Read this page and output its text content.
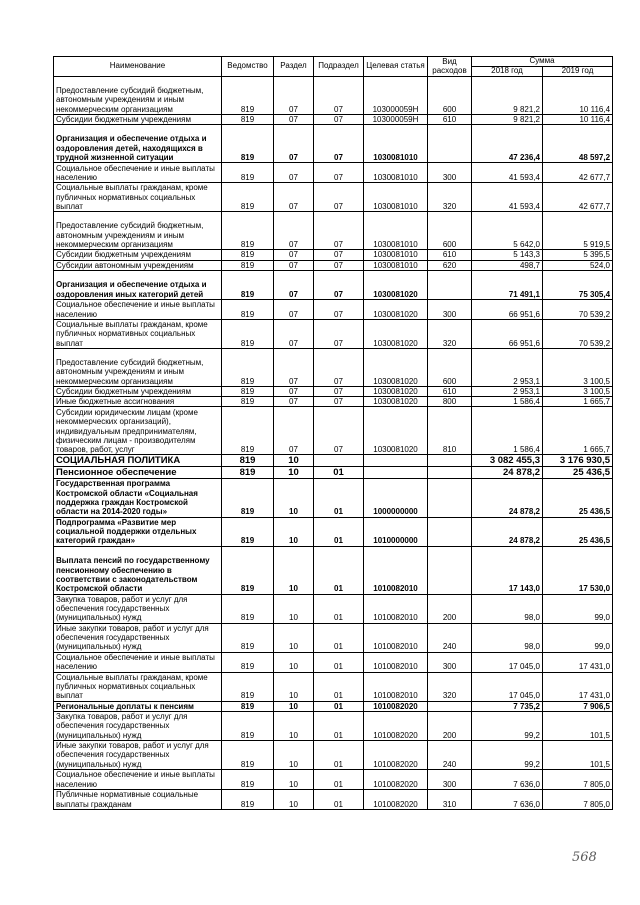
Наименование	Ведомство	Раздел	Подраздел	Целевая статья	Вид расходов	Сумма	
						2018 год	2019 год
Предоставление субсидий бюджетным, автономным учреждениям и иным некоммерческим организациям	819	07	07	103000059Н	600	9 821,2	10 116,4
Субсидии бюджетным учреждениям	819	07	07	103000059Н	610	9 821,2	10 116,4
Организация и обеспечение отдыха и оздоровления детей, находящихся в трудной жизненной ситуации	819	07	07	1030081010		47 236,4	48 597,2
Социальное обеспечение и иные выплаты населению	819	07	07	1030081010	300	41 593,4	42 677,7
Социальные выплаты гражданам, кроме публичных нормативных социальных выплат	819	07	07	1030081010	320	41 593,4	42 677,7
Предоставление субсидий бюджетным, автономным учреждениям и иным некоммерческим организациям	819	07	07	1030081010	600	5 642,0	5 919,5
Субсидии бюджетным учреждениям	819	07	07	1030081010	610	5 143,3	5 395,5
Субсидии автономным учреждениям	819	07	07	1030081010	620	498,7	524,0
Организация и обеспечение отдыха и оздоровления иных категорий детей	819	07	07	1030081020		71 491,1	75 305,4
Социальное обеспечение и иные выплаты населению	819	07	07	1030081020	300	66 951,6	70 539,2
Социальные выплаты гражданам, кроме публичных нормативных социальных выплат	819	07	07	1030081020	320	66 951,6	70 539,2
Предоставление субсидий бюджетным, автономным учреждениям и иным некоммерческим организациям	819	07	07	1030081020	600	2 953,1	3 100,5
Субсидии бюджетным учреждениям	819	07	07	1030081020	610	2 953,1	3 100,5
Иные бюджетные ассигнования	819	07	07	1030081020	800	1 586,4	1 665,7
Субсидии юридическим лицам (кроме некоммерческих организаций), индивидуальным предпринимателям, физическим лицам - производителям товаров, работ, услуг	819	07	07	1030081020	810	1 586,4	1 665,7
СОЦИАЛЬНАЯ ПОЛИТИКА	819	10				3 082 455,3	3 176 930,5
Пенсионное обеспечение	819	10	01			24 878,2	25 436,5
Государственная программа Костромской области «Социальная поддержка граждан Костромской области на 2014-2020 годы»	819	10	01	1000000000		24 878,2	25 436,5
Подпрограмма «Развитие мер социальной поддержки отдельных категорий граждан»	819	10	01	1010000000		24 878,2	25 436,5
Выплата пенсий по государственному пенсионному обеспечению в соответствии с законодательством Костромской области	819	10	01	1010082010		17 143,0	17 530,0
Закупка товаров, работ и услуг для обеспечения государственных (муниципальных) нужд	819	10	01	1010082010	200	98,0	99,0
Иные закупки товаров, работ и услуг для обеспечения государственных (муниципальных) нужд	819	10	01	1010082010	240	98,0	99,0
Социальное обеспечение и иные выплаты населению	819	10	01	1010082010	300	17 045,0	17 431,0
Социальные выплаты гражданам, кроме публичных нормативных социальных выплат	819	10	01	1010082010	320	17 045,0	17 431,0
Региональные доплаты к пенсиям	819	10	01	1010082020		7 735,2	7 906,5
Закупка товаров, работ и услуг для обеспечения государственных (муниципальных) нужд	819	10	01	1010082020	200	99,2	101,5
Иные закупки товаров, работ и услуг для обеспечения государственных (муниципальных) нужд	819	10	01	1010082020	240	99,2	101,5
Социальное обеспечение и иные выплаты населению	819	10	01	1010082020	300	7 636,0	7 805,0
Публичные нормативные социальные выплаты гражданам	819	10	01	1010082020	310	7 636,0	7 805,0
568
